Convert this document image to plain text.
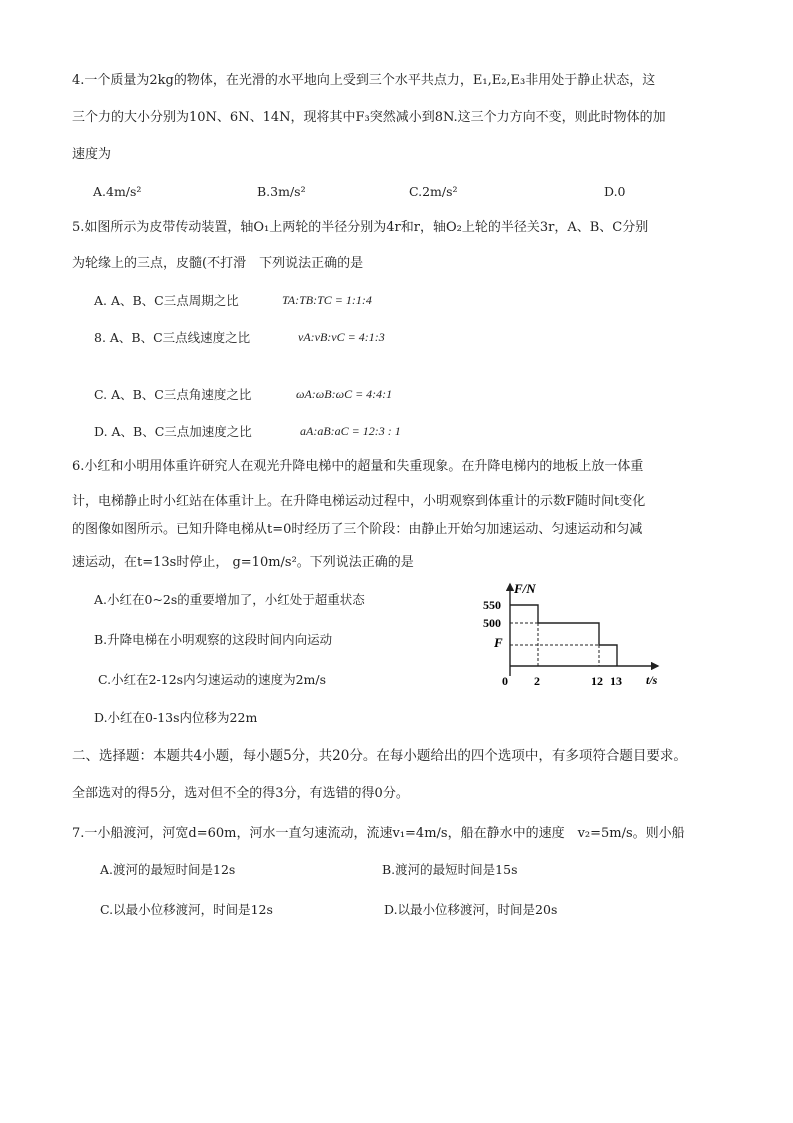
4.一个质量为2kg的物体，在光滑的水平地向上受到三个水平共点力，E₁,E₂,E₃非用处于静止状态，这
三个力的大小分别为10N、6N、14N，现将其中F₃突然减小到8N.这三个力方向不变，则此时物体的加
速度为
A.4m/s²	B.3m/s²	C.2m/s²	D.0
5.如图所示为皮带传动装置，轴O₁上两轮的半径分别为4r和r，轴O₂上轮的半径关3r，A、B、C分别
为轮缘上的三点，皮髓(不打滑　下列说法正确的是
A. A、B、C三点周期之比	TA:TB:TC = 1:1:4
8. A、B、C三点线速度之比	vA:vB:vC = 4:1:3
C. A、B、C三点角速度之比	ωA:ωB:ωC = 4:4:1
D. A、B、C三点加速度之比	aA:aB:aC = 12:3 : 1
6.小红和小明用体重许研究人在观光升降电梯中的超量和失重现象。在升降电梯内的地板上放一体重
计，电梯静止时小红站在体重计上。在升降电梯运动过程中，小明观察到体重计的示数F随时间t变化
的图像如图所示。已知升降电梯从t=0时经历了三个阶段：由静止开始匀加速运动、匀速运动和匀减
速运动，在t=13s时停止， g=10m/s²。下列说法正确的是
A.小红在0~2s的重要增加了，小红处于超重状态
B.升降电梯在小明观察的这段时间内向运动
C.小红在2-12s内匀速运动的速度为2m/s
D.小红在0-13s内位移为22m
F/N
t/s
550
500
F
0 2	12 13
二、选择题：本题共4小题，每小题5分，共20分。在每小题给出的四个选项中，有多项符合题目要求。
全部选对的得5分，选对但不全的得3分，有选错的得0分。
7.一小船渡河，河宽d=60m，河水一直匀速流动，流速v₁=4m/s，船在静水中的速度　v₂=5m/s。则小船
A.渡河的最短时间是12s	B.渡河的最短时间是15s
C.以最小位移渡河，时间是12s	D.以最小位移渡河，时间是20s
